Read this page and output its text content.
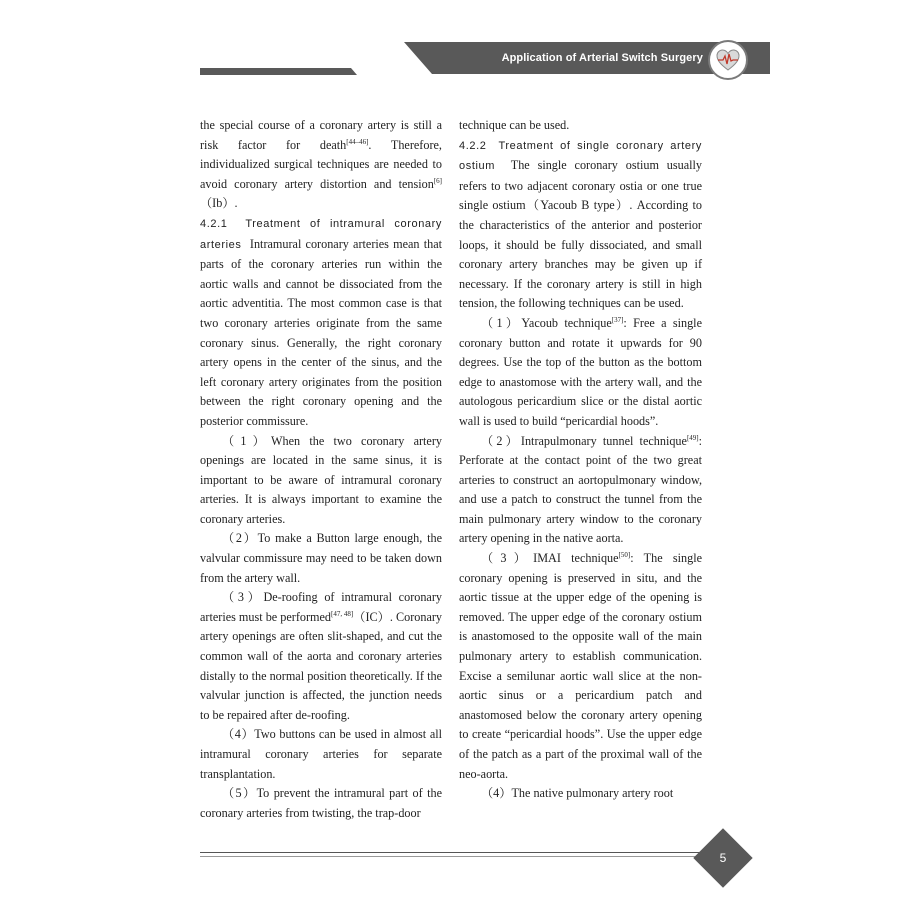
Application of Arterial Switch Surgery

the special course of a coronary artery is still a risk factor for death[44–46]. Therefore, individualized surgical techniques are needed to avoid coronary artery distortion and tension[6]（Ib）.

4.2.1 Treatment of intramural coronary arteries Intramural coronary arteries mean that parts of the coronary arteries run within the aortic walls and cannot be dissociated from the aortic adventitia. The most common case is that two coronary arteries originate from the same coronary sinus. Generally, the right coronary artery opens in the center of the sinus, and the left coronary artery originates from the position between the right coronary opening and the posterior commissure.

（1）When the two coronary artery openings are located in the same sinus, it is important to be aware of intramural coronary arteries. It is always important to examine the coronary arteries.

（2）To make a Button large enough, the valvular commissure may need to be taken down from the artery wall.

（3）De-roofing of intramural coronary arteries must be performed[47, 48]（IC）. Coronary artery openings are often slit-shaped, and cut the common wall of the aorta and coronary arteries distally to the normal position theoretically. If the valvular junction is affected, the junction needs to be repaired after de-roofing.

（4）Two buttons can be used in almost all intramural coronary arteries for separate transplantation.

（5）To prevent the intramural part of the coronary arteries from twisting, the trap-door

technique can be used.

4.2.2 Treatment of single coronary artery ostium The single coronary ostium usually refers to two adjacent coronary ostia or one true single ostium（Yacoub B type）. According to the characteristics of the anterior and posterior loops, it should be fully dissociated, and small coronary artery branches may be given up if necessary. If the coronary artery is still in high tension, the following techniques can be used.

（1）Yacoub technique[37]: Free a single coronary button and rotate it upwards for 90 degrees. Use the top of the button as the bottom edge to anastomose with the artery wall, and the autologous pericardium slice or the distal aortic wall is used to build “pericardial hoods”.

（2）Intrapulmonary tunnel technique[49]: Perforate at the contact point of the two great arteries to construct an aortopulmonary window, and use a patch to construct the tunnel from the main pulmonary artery window to the coronary artery opening in the native aorta.

（3）IMAI technique[50]: The single coronary opening is preserved in situ, and the aortic tissue at the upper edge of the opening is removed. The upper edge of the coronary ostium is anastomosed to the opposite wall of the main pulmonary artery to establish communication. Excise a semilunar aortic wall slice at the non-aortic sinus or a pericardium patch and anastomosed below the coronary artery opening to create “pericardial hoods”. Use the upper edge of the patch as a part of the proximal wall of the neo-aorta.

（4）The native pulmonary artery root

5
